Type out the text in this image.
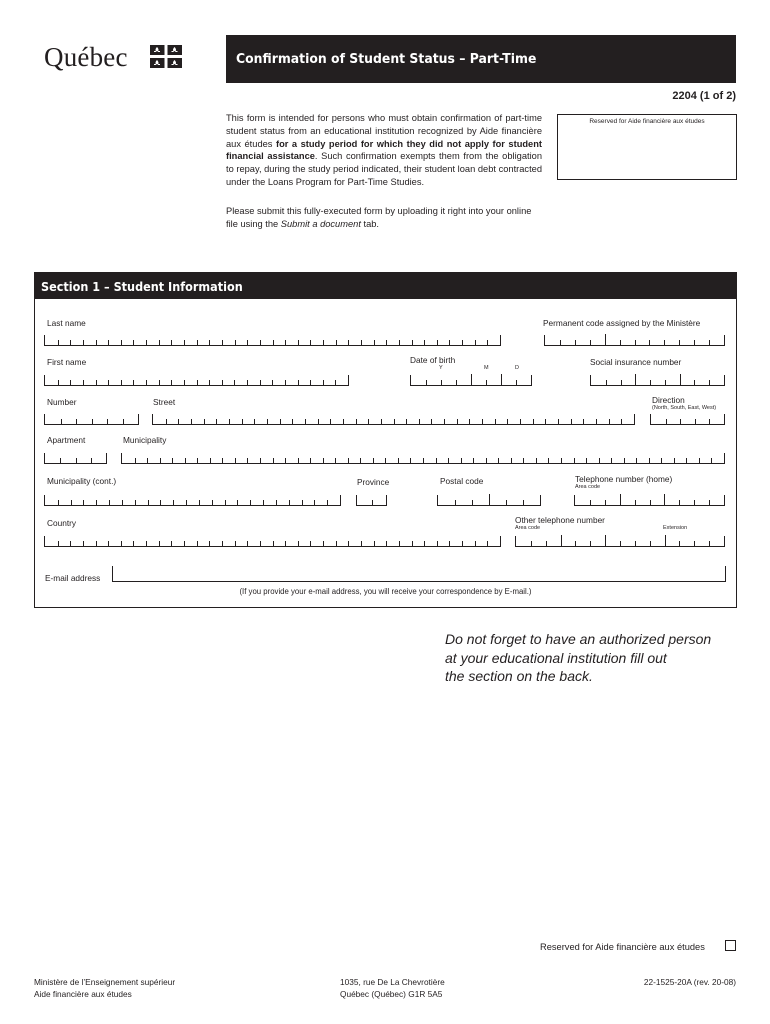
Québec	Confirmation of Student Status – Part-Time
2204 (1 of 2)
This form is intended for persons who must obtain confirmation of part-time student status from an educational institution recognized by Aide financière aux études for a study period for which they did not apply for student financial assistance. Such confirmation exempts them from the obligation to repay, during the study period indicated, their student loan debt contracted under the Loans Program for Part-Time Studies.
Please submit this fully-executed form by uploading it right into your online file using the Submit a document tab.
Reserved for Aide financière aux études
Section 1 – Student Information
Last name	Permanent code assigned by the Ministère
First name	Date of birth
Y	M	D
Social insurance number
Number	Street	Direction
(North, South, East, West)
Apartment	Municipality
Municipality (cont.)	Province	Postal code	Telephone number (home)
Area code
Country	Other telephone number
Area code	Extension
E-mail address
(If you provide your e-mail address, you will receive your correspondence by E-mail.)
Do not forget to have an authorized person
at your educational institution fill out
the section on the back.
Reserved for Aide financière aux études
Ministère de l’Enseignement supérieur
Aide financière aux études
1035, rue De La Chevrotière
Québec (Québec) G1R 5A5
22-1525-20A (rev. 20-08)
